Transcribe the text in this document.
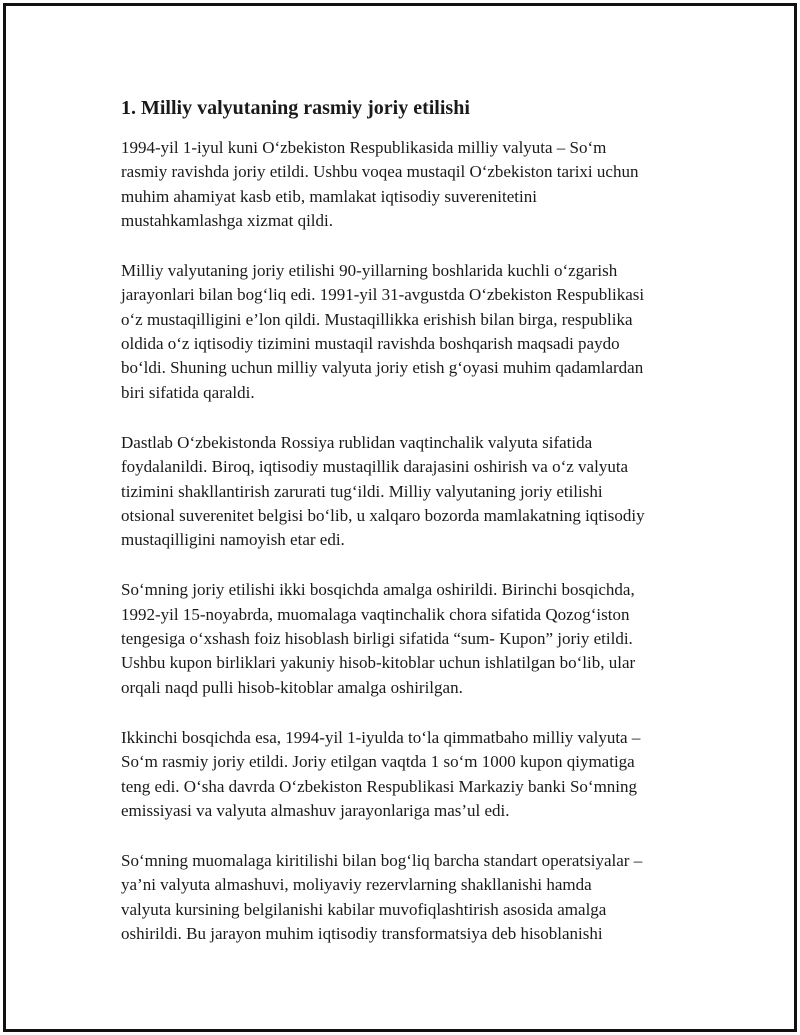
1. Milliy valyutaning rasmiy joriy etilishi
1994-yil 1-iyul kuni O‘zbekiston Respublikasida milliy valyuta – So‘m
rasmiy ravishda joriy etildi. Ushbu voqea mustaqil O‘zbekiston tarixi uchun
muhim ahamiyat kasb etib, mamlakat iqtisodiy suverenitetini
mustahkamlashga xizmat qildi.
Milliy valyutaning joriy etilishi 90-yillarning boshlarida kuchli o‘zgarish
jarayonlari bilan bog‘liq edi. 1991-yil 31-avgustda O‘zbekiston Respublikasi
o‘z mustaqilligini e’lon qildi. Mustaqillikka erishish bilan birga, respublika
oldida o‘z iqtisodiy tizimini mustaqil ravishda boshqarish maqsadi paydo
bo‘ldi. Shuning uchun milliy valyuta joriy etish g‘oyasi muhim qadamlardan
biri sifatida qaraldi.
Dastlab O‘zbekistonda Rossiya rublidan vaqtinchalik valyuta sifatida
foydalanildi. Biroq, iqtisodiy mustaqillik darajasini oshirish va o‘z valyuta
tizimini shakllantirish zarurati tug‘ildi. Milliy valyutaning joriy etilishi
otsional suverenitet belgisi bo‘lib, u xalqaro bozorda mamlakatning iqtisodiy
mustaqilligini namoyish etar edi.
So‘mning joriy etilishi ikki bosqichda amalga oshirildi. Birinchi bosqichda,
1992-yil 15-noyabrda, muomalaga vaqtinchalik chora sifatida Qozog‘iston
tengesiga o‘xshash foiz hisoblash birligi sifatida “sum- Kupon” joriy etildi.
Ushbu kupon birliklari yakuniy hisob-kitoblar uchun ishlatilgan bo‘lib, ular
orqali naqd pulli hisob-kitoblar amalga oshirilgan.
Ikkinchi bosqichda esa, 1994-yil 1-iyulda to‘la qimmatbaho milliy valyuta –
So‘m rasmiy joriy etildi. Joriy etilgan vaqtda 1 so‘m 1000 kupon qiymatiga
teng edi. O‘sha davrda O‘zbekiston Respublikasi Markaziy banki So‘mning
emissiyasi va valyuta almashuv jarayonlariga mas’ul edi.
So‘mning muomalaga kiritilishi bilan bog‘liq barcha standart operatsiyalar –
ya’ni valyuta almashuvi, moliyaviy rezervlarning shakllanishi hamda
valyuta kursining belgilanishi kabilar muvofiqlashtirish asosida amalga
oshirildi. Bu jarayon muhim iqtisodiy transformatsiya deb hisoblanishi
